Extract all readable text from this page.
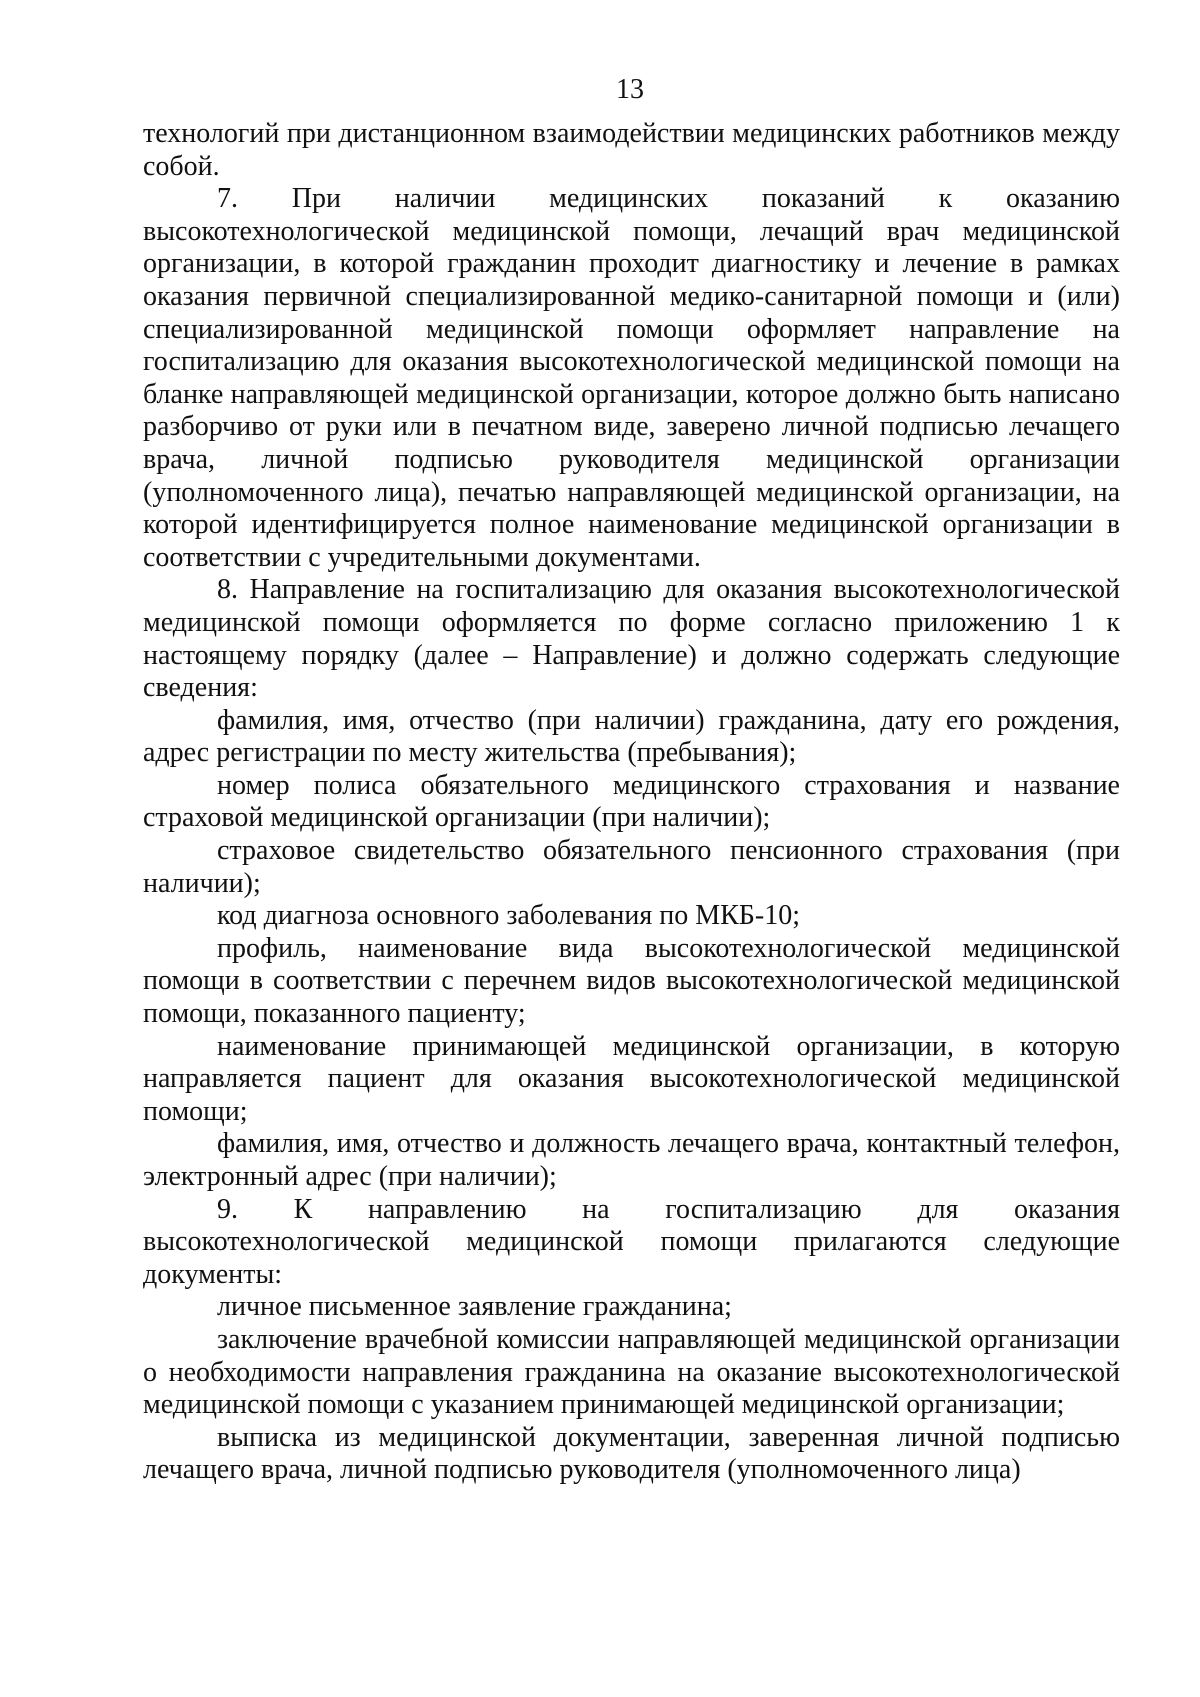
13

технологий при дистанционном взаимодействии медицинских работников между собой.

7. При наличии медицинских показаний к оказанию высокотехнологической медицинской помощи, лечащий врач медицинской организации, в которой гражданин проходит диагностику и лечение в рамках оказания первичной специализированной медико-санитарной помощи и (или) специализированной медицинской помощи оформляет направление на госпитализацию для оказания высокотехнологической медицинской помощи на бланке направляющей медицинской организации, которое должно быть написано разборчиво от руки или в печатном виде, заверено личной подписью лечащего врача, личной подписью руководителя медицинской организации (уполномоченного лица), печатью направляющей медицинской организации, на которой идентифицируется полное наименование медицинской организации в соответствии с учредительными документами.

8. Направление на госпитализацию для оказания высокотехнологической медицинской помощи оформляется по форме согласно приложению 1 к настоящему порядку (далее – Направление) и должно содержать следующие сведения:

фамилия, имя, отчество (при наличии) гражданина, дату его рождения, адрес регистрации по месту жительства (пребывания);

номер полиса обязательного медицинского страхования и название страховой медицинской организации (при наличии);

страховое свидетельство обязательного пенсионного страхования (при наличии);

код диагноза основного заболевания по МКБ-10;

профиль, наименование вида высокотехнологической медицинской помощи в соответствии с перечнем видов высокотехнологической медицинской помощи, показанного пациенту;

наименование принимающей медицинской организации, в которую направляется пациент для оказания высокотехнологической медицинской помощи;

фамилия, имя, отчество и должность лечащего врача, контактный телефон, электронный адрес (при наличии);

9. К направлению на госпитализацию для оказания высокотехнологической медицинской помощи прилагаются следующие документы:

личное письменное заявление гражданина;

заключение врачебной комиссии направляющей медицинской организации о необходимости направления гражданина на оказание высокотехнологической медицинской помощи с указанием принимающей медицинской организации;

выписка из медицинской документации, заверенная личной подписью лечащего врача, личной подписью руководителя (уполномоченного лица)
